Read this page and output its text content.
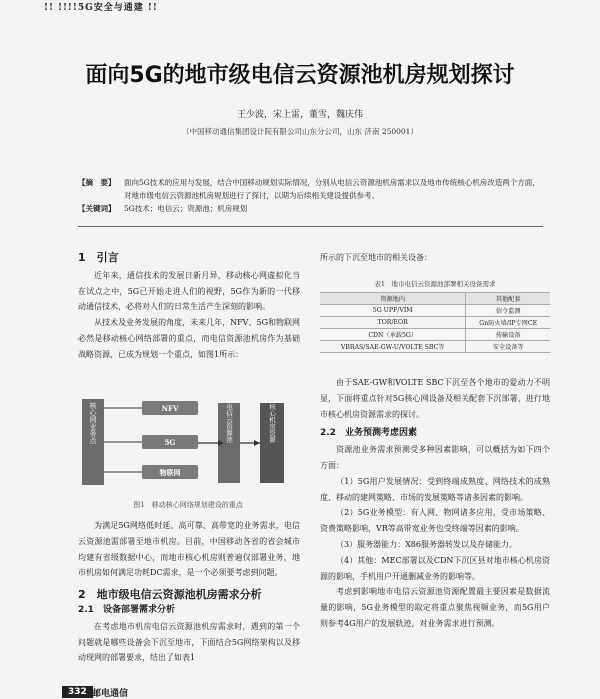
!! !!!!5G安全与通建 !!
面向5G的地市级电信云资源池机房规划探讨
王少波，宋上雷，董雪，魏庆伟
（中国移动通信集团设计院有限公司山东分公司，山东 济南 250001）
【摘　要】	面向5G技术的应用与发展，结合中国移动规划实际情况，分别从电信云资源池机房需求以及地市传统核心机房改造两个方面，对地市级电信云资源池机房规划进行了探讨，以期为后续相关建设提供参考。
【关键词】	5G技术；电信云；资源池；机房规划
1　引言

近年来，通信技术的发展日新月异，移动核心网虚拟化当在试点之中，5G已开始走进人们的视野，5G作为新的一代移动通信技术，必将对人们的日常生活产生深刻的影响。

从技术及业务发展的角度，未来几年，NFV、5G和物联网必然是移动核心网络部署的重点，而电信资源池机房作为基础战略资源，已成为规划一个重点，如图1所示：

核心网业务点	NFV
5G
物联网
电信云资源池	核心机房资源
图1　移动核心网络规划建设的重点

为满足5G网络低时延、高可靠、高带宽的业务需求，电信云资源池需部署至地市机房。目前，中国移动各省的省会城市均建有省级数据中心，而地市核心机房则普遍仅部署业务，地市机房如何满足功耗DC需求，是一个必须要考虑到问题。

2　地市级电信云资源池机房需求分析
2.1　设备部署需求分析

在考虑地市机房电信云资源池机房需求时，遇到的第一个问题就是哪些设备会下沉至地市，下面结合5G网络架构以及移动现网的部署要求，结出了如表1

所示的下沉至地市的相关设备：
表1　地市电信云资源池部署相关设备需求
资源地内	其他配套
5G UPF/VIM	信令监测
TOR/EOR	Gn防火墙/IP专网CE
CDN（承载5G）	传输设备
VBRAS/SAE-GW-U/VOLTE SBC等	安全设备等

由于SAE-GW和VOLTE SBC下沉至各个地市的爱动力不明显，下面将重点针对5G核心网设备及相关配套下沉部署，进行地市核心机房资源需求的探讨。

2.2　业务预测考虑因素

资源池业务需求预测受多种因素影响，可以概括为如下四个方面：

（1）5G用户发展情况：受到终端成熟度、网络技术的成熟度、移动的建网策略、市场的发展策略等诸多因素的影响。

（2）5G业务模型：有人网、物网诸多应用，受市场策略、资费策略影响，VR等高带宽业务也受终端等因素的影响。

（3）服务器能力：X86服务器转发以及存储能力。

（4）其他：MEC部署以及CDN下沉区县对地市核心机房资源的影响，手机用户开通删减业务的影响等。

考虑到影响地市电信云资源池资源配置最主要因素是数据流量的影响，5G业务模型的取定将重点聚焦视频业务，而5G用户则参考4G用户的发展轨迹，对业务需求进行预测。

332 邮电通信
